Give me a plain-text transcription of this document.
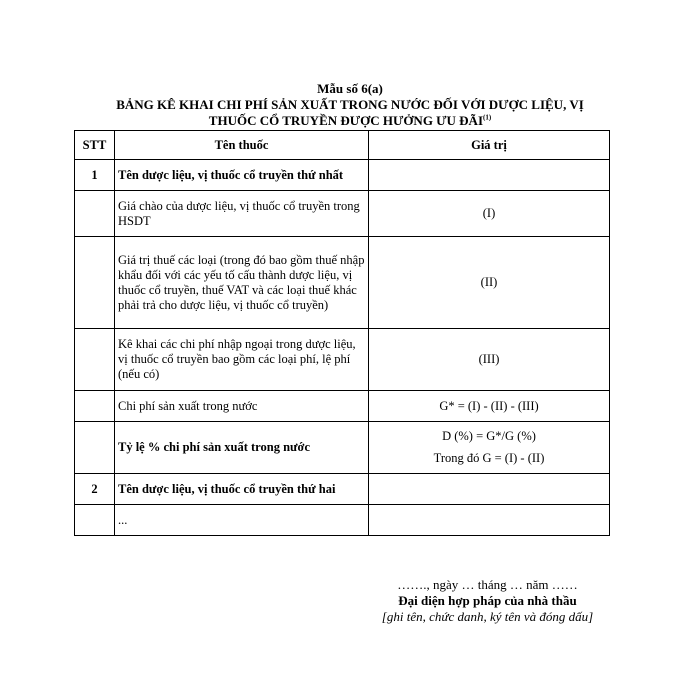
Mẫu số 6(a)
BẢNG KÊ KHAI CHI PHÍ SẢN XUẤT TRONG NƯỚC ĐỐI VỚI DƯỢC LIỆU, VỊ
THUỐC CỔ TRUYỀN ĐƯỢC HƯỞNG ƯU ĐÃI$^{(1)}$
STT	Tên thuốc	Giá trị
1	Tên dược liệu, vị thuốc cổ truyền thứ nhất	
	Giá chào của dược liệu, vị thuốc cổ truyền trong HSDT	(I)
	Giá trị thuế các loại (trong đó bao gồm thuế nhập khẩu đối với các yếu tố cấu thành dược liệu, vị thuốc cổ truyền, thuế VAT và các loại thuế khác phải trả cho dược liệu, vị thuốc cổ truyền)	(II)
	Kê khai các chi phí nhập ngoại trong dược liệu, vị thuốc cổ truyền bao gồm các loại phí, lệ phí (nếu có)	(III)
	Chi phí sản xuất trong nước	G* = (I) - (II) - (III)
	Tỷ lệ % chi phí sản xuất trong nước	D (%) = G*/G (%)
Trong đó G = (I) - (II)

2	Tên dược liệu, vị thuốc cổ truyền thứ hai	
	...	
……., ngày … tháng … năm ……
Đại diện hợp pháp của nhà thầu
[ghi tên, chức danh, ký tên và đóng dấu]
